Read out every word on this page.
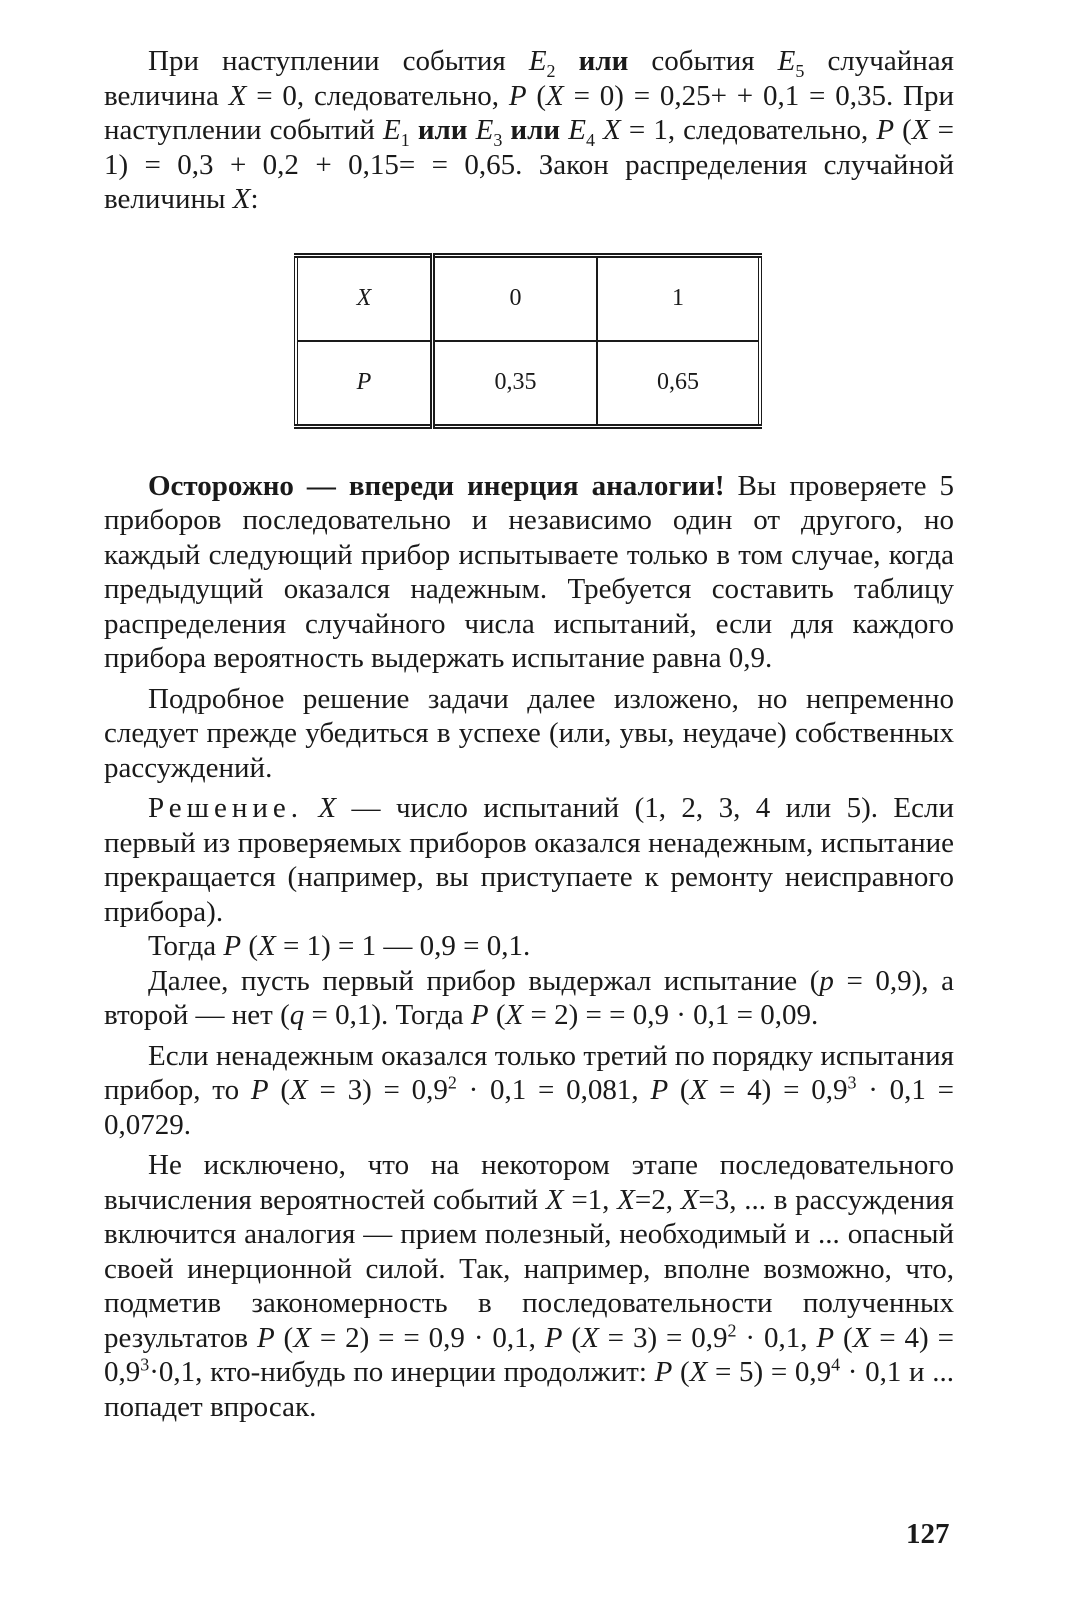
При наступлении события $E_2$ или события $E_5$ случайная величина X = 0, следовательно, P (X = 0) = 0,25+ + 0,1 = 0,35. При наступлении событий $E_1$ или $E_3$ или $E_4$ X = 1, следовательно, P (X = 1) = 0,3 + 0,2 + 0,15= = 0,65. Закон распределения случайной величины X:

X	0	1
P	0,35	0,65

Осторожно — впереди инерция аналогии! Вы проверяете 5 приборов последовательно и независимо один от другого, но каждый следующий прибор испытываете только в том случае, когда предыдущий оказался надежным. Требуется составить таблицу распределения случайного числа испытаний, если для каждого прибора вероятность выдержать испытание равна 0,9.

Подробное решение задачи далее изложено, но непременно следует прежде убедиться в успехе (или, увы, неудаче) собственных рассуждений.

Решение. X — число испытаний (1, 2, 3, 4 или 5). Если первый из проверяемых приборов оказался ненадежным, испытание прекращается (например, вы приступаете к ремонту неисправного прибора).

Тогда P (X = 1) = 1 — 0,9 = 0,1.

Далее, пусть первый прибор выдержал испытание (p = 0,9), а второй — нет (q = 0,1). Тогда P (X = 2) = = 0,9 · 0,1 = 0,09.

Если ненадежным оказался только третий по порядку испытания прибор, то P $(X = 3) = 0,9^2 \cdot 0,1 = 0,081$, P $(X = 4) = 0,9^3 \cdot 0,1 = 0,0729$.

Не исключено, что на некотором этапе последовательного вычисления вероятностей событий X =1, X=2, X=3, ... в рассуждения включится аналогия — прием полезный, необходимый и ... опасный своей инерционной силой. Так, например, вполне возможно, что, подметив закономерность в последовательности полученных результатов P (X = 2) = = 0,9 · 0,1, P $(X = 3) = 0,9^2 \cdot 0,1$, P $(X = 4) = 0,9^3\cdot 0,1$, кто-нибудь по инерции продолжит: P $(X = 5) = 0,9^4 \cdot 0,1$ и ... попадет впросак.

127
